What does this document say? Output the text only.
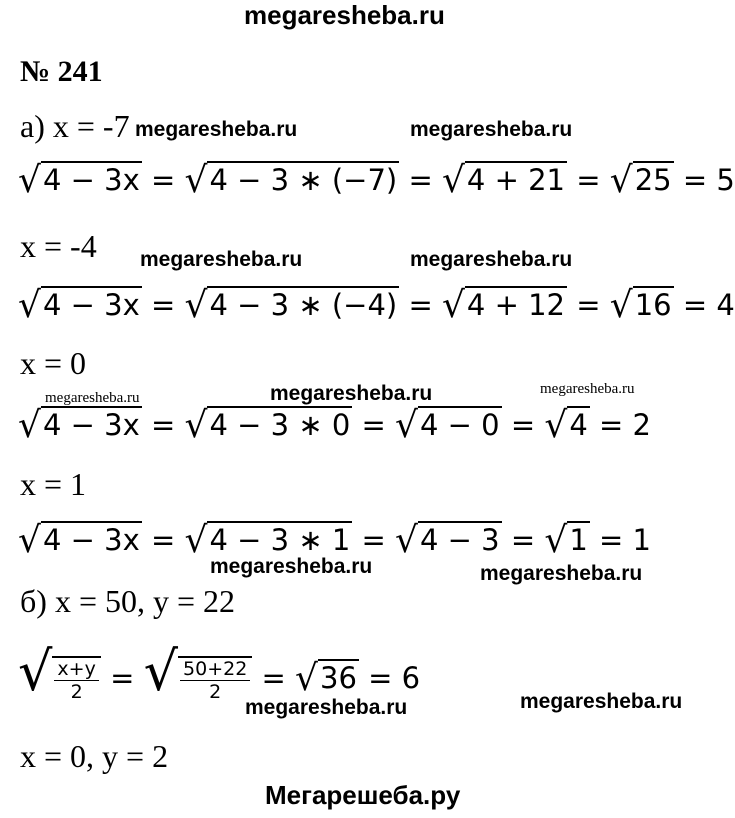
megaresheba.ru
№ 241
а) x = -7 megaresheba.ru	megaresheba.ru
√4 − 3x = √4 − 3 ∗ (−7) = √4 + 21 = √25 = 5
x = -4 megaresheba.ru	megaresheba.ru
√4 − 3x = √4 − 3 ∗ (−4) = √4 + 12 = √16 = 4
x = 0
megaresheba.ru	megaresheba.ru	megaresheba.ru
√4 − 3x = √4 − 3 ∗ 0 = √4 − 0 = √4 = 2
x = 1
√4 − 3x = √4 − 3 ∗ 1 = √4 − 3 = √1 = 1
megaresheba.ru	megaresheba.ru
б) x = 50, y = 22
√ $\frac{x+y}{2}$ = √ $\frac{50+22}{2} = √36 = 6$
megaresheba.ru	megaresheba.ru
x = 0, y = 2
Мегарешеба.ру
